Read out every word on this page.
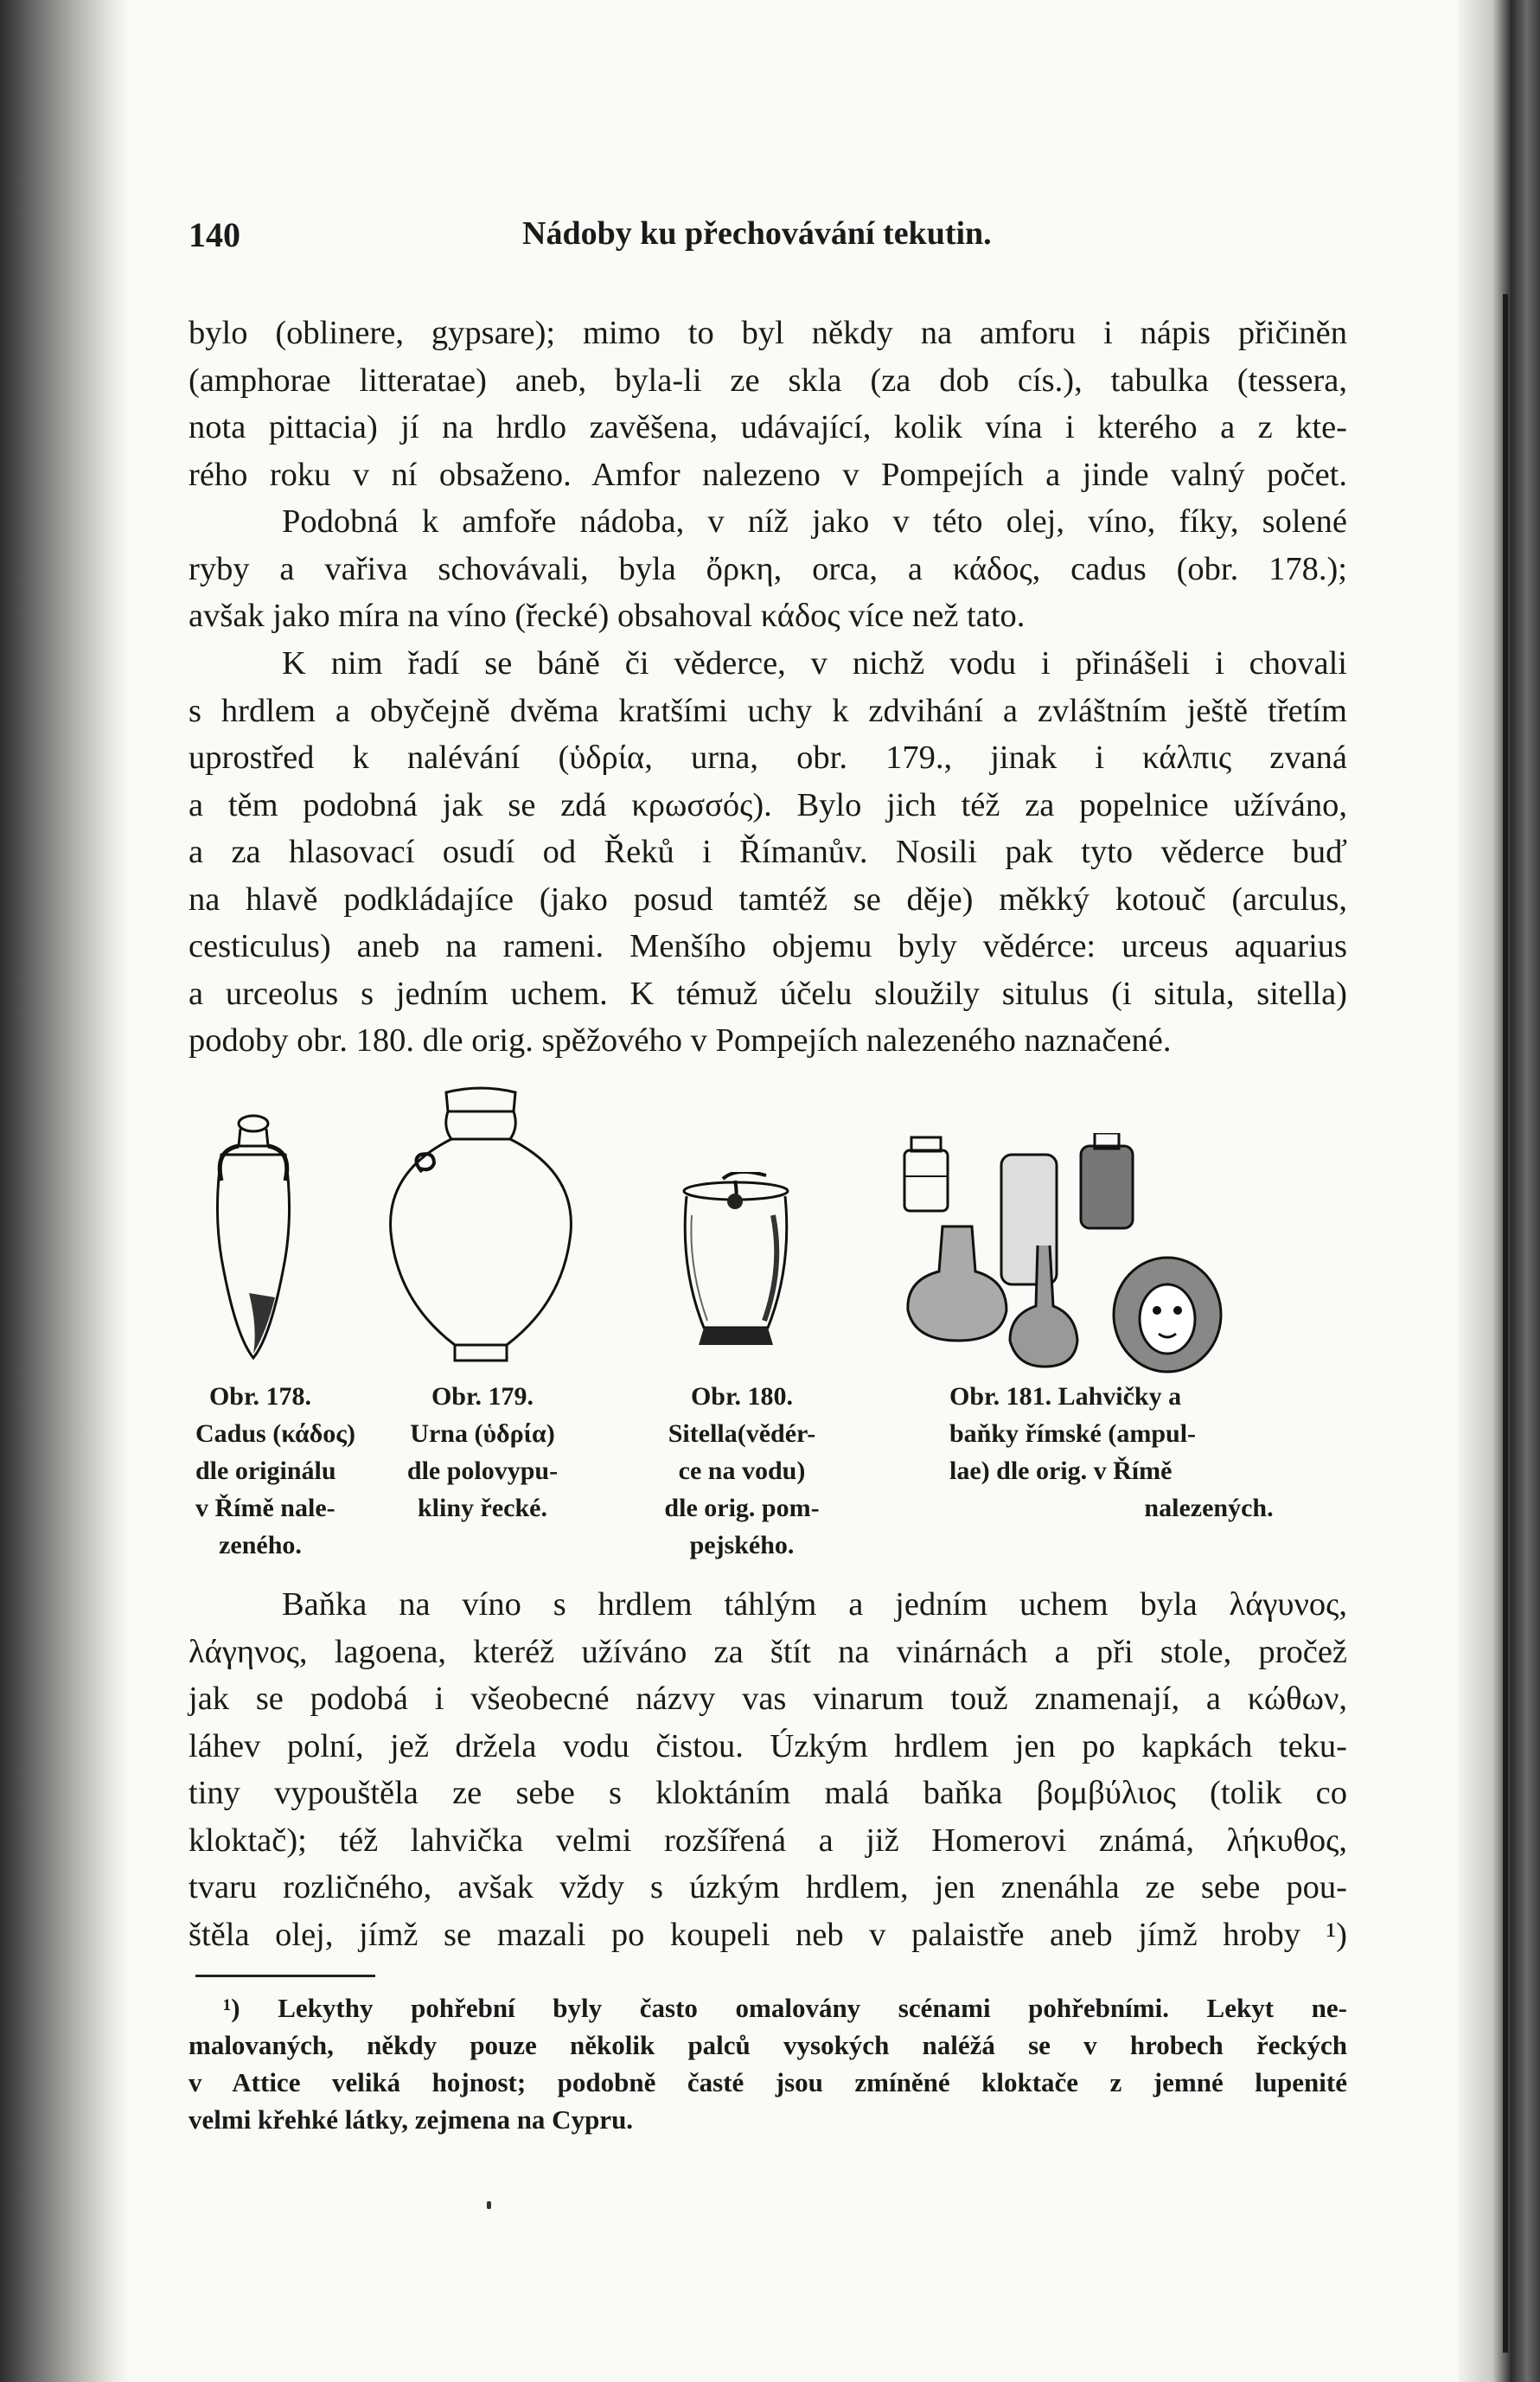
140	Nádoby ku přechovávání tekutin.

bylo (oblinere, gypsare); mimo to byl někdy na amforu i nápis přičiněn

(amphorae litteratae) aneb, byla-li ze skla (za dob cís.), tabulka (tessera,

nota pittacia) jí na hrdlo zavěšena, udávající, kolik vína i kterého a z kte-

rého roku v ní obsaženo. Amfor nalezeno v Pompejích a jinde valný počet.

Podobná k amfoře nádoba, v níž jako v této olej, víno, fíky, solené

ryby a vařiva schovávali, byla ὄρκη, orca, a κάδος, cadus (obr. 178.);

avšak jako míra na víno (řecké) obsahoval κάδος více než tato.

K nim řadí se báně či věderce, v nichž vodu i přinášeli i chovali

s hrdlem a obyčejně dvěma kratšími uchy k zdvihání a zvláštním ještě třetím

uprostřed k nalévání (ὑδρία, urna, obr. 179., jinak i κάλπις zvaná

a těm podobná jak se zdá κρωσσός). Bylo jich též za popelnice užíváno,

a za hlasovací osudí od Řeků i Římanův. Nosili pak tyto věderce buď

na hlavě podkládajíce (jako posud tamtéž se děje) měkký kotouč (arculus,

cesticulus) aneb na rameni. Menšího objemu byly vědérce: urceus aquarius

a urceolus s jedním uchem. K témuž účelu sloužily situlus (i situla, sitella)

podoby obr. 180. dle orig. spěžového v Pompejích nalezeného naznačené.

Obr. 178.
Cadus (κάδος)
dle originálu
v Římě nale-
zeného.
Obr. 179.
Urna (ὑδρία)
dle polovypu-
kliny řecké.
Obr. 180.
Sitella(vědér-
ce na vodu)
dle orig. pom-
pejského.
Obr. 181. Lahvičky a
baňky římské (ampul-
lae) dle orig. v Římě
nalezených.

Baňka na víno s hrdlem táhlým a jedním uchem byla λάγυνος,

λάγηνος, lagoena, kteréž užíváno za štít na vinárnách a při stole, pročež

jak se podobá i všeobecné názvy vas vinarum touž znamenají, a κώθων,

láhev polní, jež držela vodu čistou. Úzkým hrdlem jen po kapkách teku-

tiny vypouštěla ze sebe s kloktáním malá baňka βομβύλιος (tolik co

kloktač); též lahvička velmi rozšířená a již Homerovi známá, λήκυθος,

tvaru rozličného, avšak vždy s úzkým hrdlem, jen znenáhla ze sebe pou-

štěla olej, jímž se mazali po koupeli neb v palaistře aneb jímž hroby ¹)

¹) Lekythy pohřební byly často omalovány scénami pohřebními. Lekyt ne-

malovaných, někdy pouze několik palců vysokých naléžá se v hrobech řeckých

v Attice veliká hojnost; podobně časté jsou zmíněné kloktače z jemné lupenité

velmi křehké látky, zejmena na Cypru.
